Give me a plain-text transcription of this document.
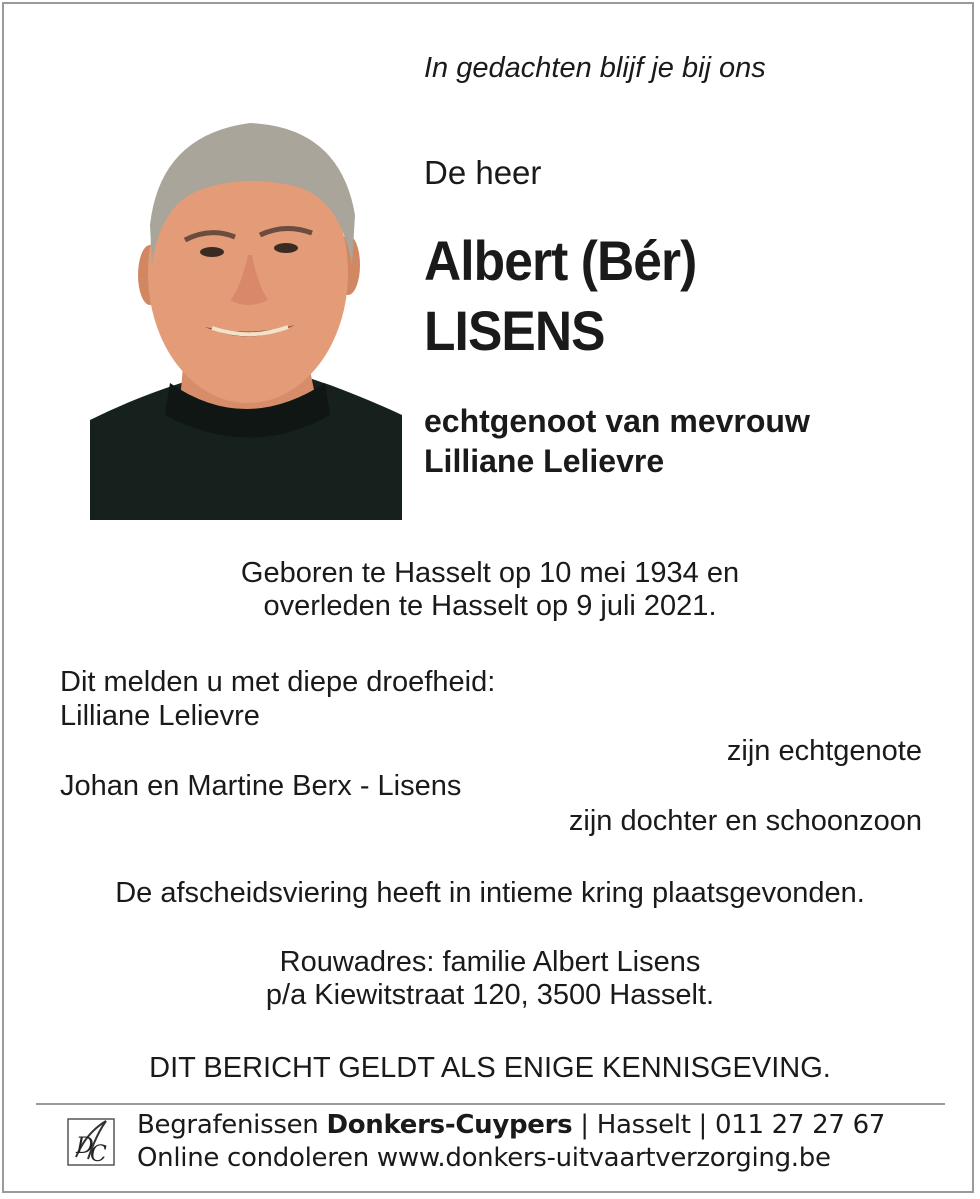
In gedachten blijf je bij ons
De heer
Albert (Bér)
LISENS
echtgenoot van mevrouw
Lilliane Lelievre
Geboren te Hasselt op 10 mei 1934 en
overleden te Hasselt op 9 juli 2021.
Dit melden u met diepe droefheid:
Lilliane Lelievre
zijn echtgenote
Johan en Martine Berx - Lisens
zijn dochter en schoonzoon
De afscheidsviering heeft in intieme kring plaatsgevonden.
Rouwadres: familie Albert Lisens
p/a Kiewitstraat 120, 3500 Hasselt.
DIT BERICHT GELDT ALS ENIGE KENNISGEVING.
D
C
Begrafenissen Donkers-Cuypers | Hasselt | 011 27 27 67
Online condoleren www.donkers-uitvaartverzorging.be
